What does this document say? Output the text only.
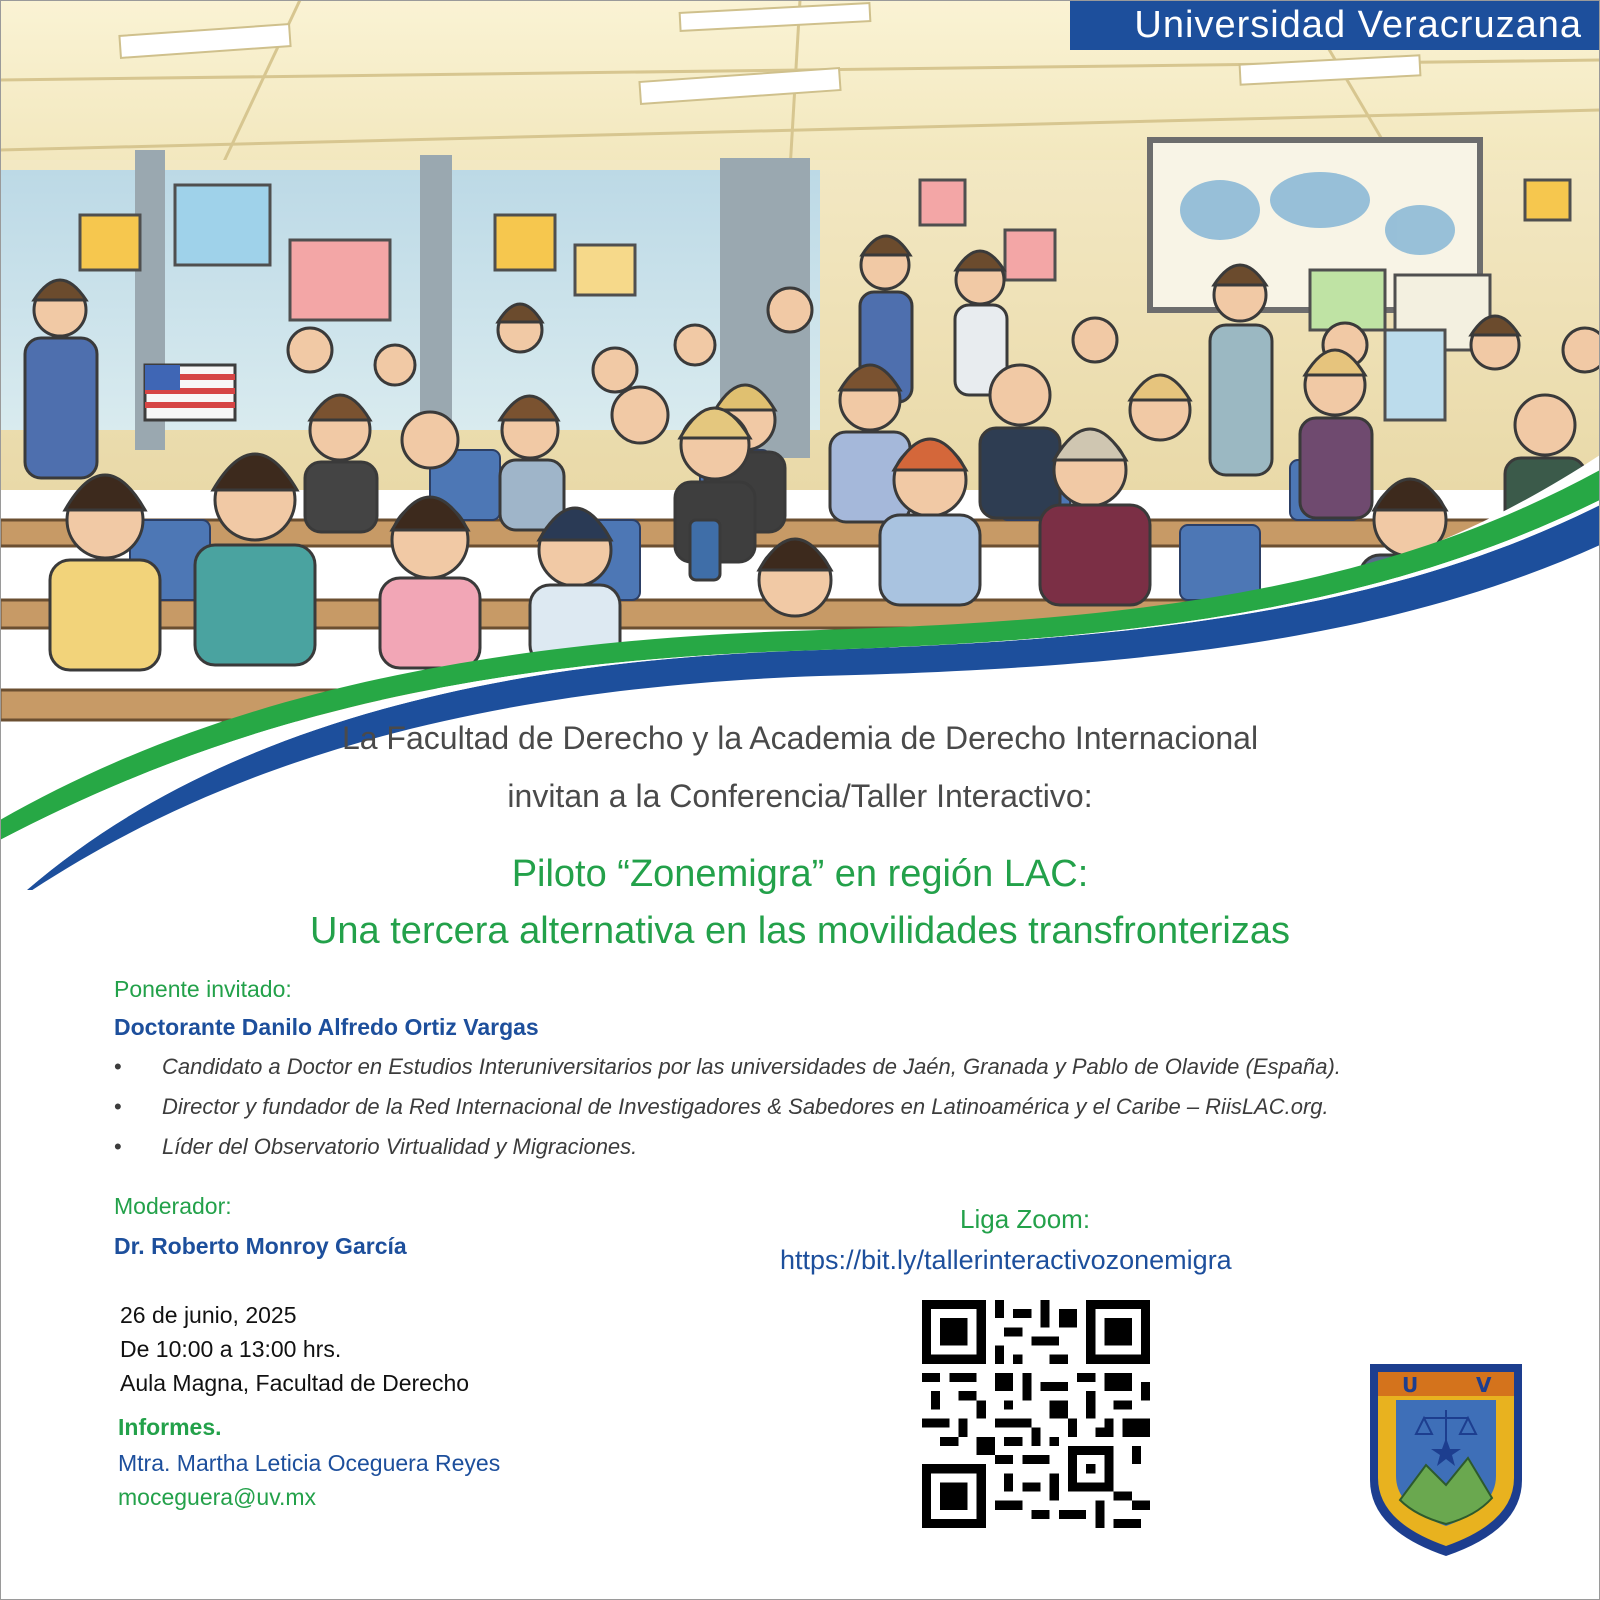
Universidad Veracruzana
La Facultad de Derecho y la Academia de Derecho Internacional
invitan a la Conferencia/Taller Interactivo:
Piloto “Zonemigra” en región LAC:
Una tercera alternativa en las movilidades transfronterizas
Ponente invitado:
Doctorante Danilo Alfredo Ortiz Vargas
• Candidato a Doctor en Estudios Interuniversitarios por las universidades de Jaén, Granada y Pablo de Olavide (España).
• Director y fundador de la Red Internacional de Investigadores & Sabedores en Latinoamérica y el Caribe – RiisLAC.org.
• Líder del Observatorio Virtualidad y Migraciones.
Moderador:
Dr. Roberto Monroy García
26 de junio, 2025
De 10:00 a 13:00 hrs.
Aula Magna, Facultad de Derecho
Informes.
Mtra. Martha Leticia Oceguera Reyes
moceguera@uv.mx
Liga Zoom:
https://bit.ly/tallerinteractivozonemigra
U	V
